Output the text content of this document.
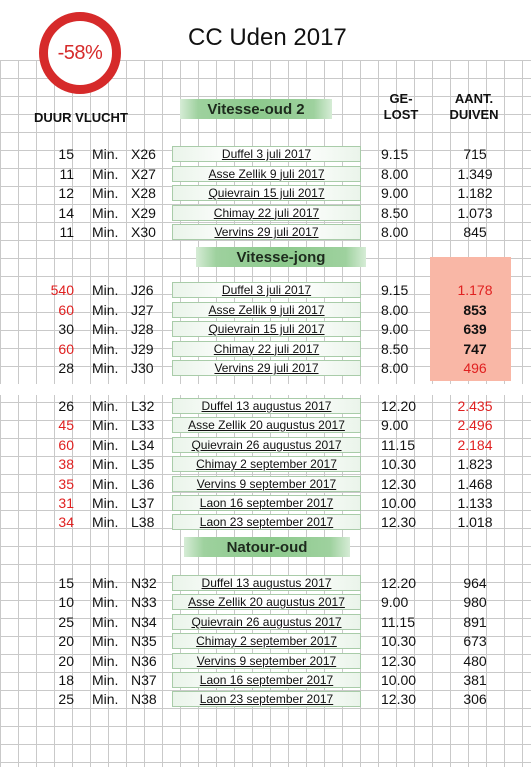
-58%
CC Uden 2017
DUUR VLUCHT
GE-
LOST
AANT.
DUIVEN
Vitesse-oud 2
Vitesse-jong
Natour-oud
15 Min. X26	Duffel 3 juli 2017	9.15	715
11 Min. X27	Asse Zellik 9 juli 2017	8.00	1.349
12 Min. X28	Quievrain 15 juli 2017	9.00	1.182
14 Min. X29	Chimay 22 juli 2017	8.50	1.073
11 Min. X30	Vervins 29 juli 2017	8.00	845
540 Min. J26	Duffel 3 juli 2017	9.15	1.178
60 Min. J27	Asse Zellik 9 juli 2017	8.00	853
30 Min. J28	Quievrain 15 juli 2017	9.00	639
60 Min. J29	Chimay 22 juli 2017	8.50	747
28 Min. J30	Vervins 29 juli 2017	8.00	496
26 Min. L32	Duffel 13 augustus 2017	12.20	2.435
45 Min. L33	Asse Zellik 20 augustus 2017	9.00	2.496
60 Min. L34	Quievrain 26 augustus 2017	11.15	2.184
38 Min. L35	Chimay 2 september 2017	10.30	1.823
35 Min. L36	Vervins 9 september 2017	12.30	1.468
31 Min. L37	Laon 16 september 2017	10.00	1.133
34 Min. L38	Laon 23 september 2017	12.30	1.018
15 Min. N32	Duffel 13 augustus 2017	12.20	964
10 Min. N33	Asse Zellik 20 augustus 2017	9.00	980
25 Min. N34	Quievrain 26 augustus 2017	11.15	891
20 Min. N35	Chimay 2 september 2017	10.30	673
20 Min. N36	Vervins 9 september 2017	12.30	480
18 Min. N37	Laon 16 september 2017	10.00	381
25 Min. N38	Laon 23 september 2017	12.30	306
